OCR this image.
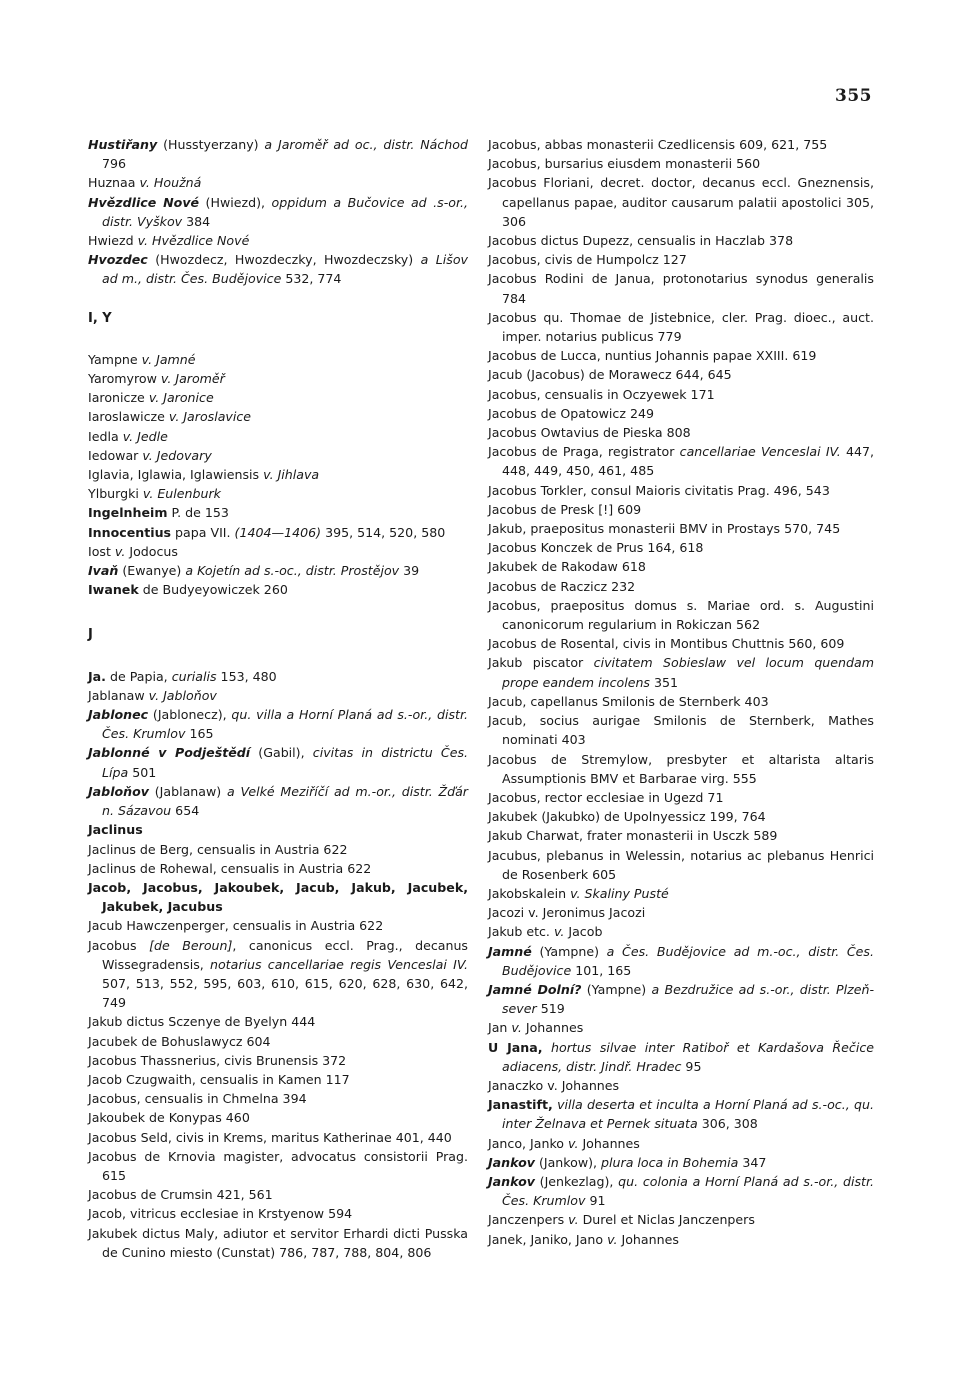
355
Hustiřany (Husstyerzany) a Jaroměř ad oc., distr. Náchod 796
Huznaa v. Houžná
Hvězdlice Nové (Hwiezd), oppidum a Bučovice ad .s-or., distr. Vyškov 384
Hwiezd v. Hvězdlice Nové
Hvozdec (Hwozdecz, Hwozdeczky, Hwozdeczsky) a Lišov ad m., distr. Čes. Budějovice 532, 774
I, Y
Yampne v. Jamné
Yaromyrow v. Jaroměř
Iaronicze v. Jaronice
Iaroslawicze v. Jaroslavice
Iedla v. Jedle
Iedowar v. Jedovary
Iglavia, Iglawia, Iglawiensis v. Jihlava
Ylburgki v. Eulenburk
Ingelnheim P. de 153
Innocentius papa VII. (1404—1406) 395, 514, 520, 580
Iost v. Jodocus
Ivaň (Ewanye) a Kojetín ad s.-oc., distr. Prostějov 39
Iwanek de Budyeyowiczek 260
J
Ja. de Papia, curialis 153, 480
Jablanaw v. Jabloňov
Jablonec (Jablonecz), qu. villa a Horní Planá ad s.-or., distr. Čes. Krumlov 165
Jablonné v Podještědí (Gabil), civitas in districtu Čes. Lípa 501
Jabloňov (Jablanaw) a Velké Meziříčí ad m.-or., distr. Žďár n. Sázavou 654
Jaclinus
Jaclinus de Berg, censualis in Austria 622
Jaclinus de Rohewal, censualis in Austria 622
Jacob, Jacobus, Jakoubek, Jacub, Jakub, Jacubek, Jakubek, Jacubus
Jacub Hawczenperger, censualis in Austria 622
Jacobus [de Beroun], canonicus eccl. Prag., decanus Wissegradensis, notarius cancellariae regis Venceslai IV. 507, 513, 552, 595, 603, 610, 615, 620, 628, 630, 642, 749
Jakub dictus Sczenye de Byelyn 444
Jacubek de Bohuslawycz 604
Jacobus Thassnerius, civis Brunensis 372
Jacob Czugwaith, censualis in Kamen 117
Jacobus, censualis in Chmelna 394
Jakoubek de Konypas 460
Jacobus Seld, civis in Krems, maritus Katherinae 401, 440
Jacobus de Krnovia magister, advocatus consistorii Prag. 615
Jacobus de Crumsin 421, 561
Jacob, vitricus ecclesiae in Krstyenow 594
Jakubek dictus Maly, adiutor et servitor Erhardi dicti Pusska de Cunino miesto (Cunstat) 786, 787, 788, 804, 806
Jacobus, abbas monasterii Czedlicensis 609, 621, 755
Jacobus, bursarius eiusdem monasterii 560
Jacobus Floriani, decret. doctor, decanus eccl. Gneznensis, capellanus papae, auditor causarum palatii apostolici 305, 306
Jacobus dictus Dupezz, censualis in Haczlab 378
Jacobus, civis de Humpolcz 127
Jacobus Rodini de Janua, protonotarius synodus generalis 784
Jacobus qu. Thomae de Jistebnice, cler. Prag. dioec., auct. imper. notarius publicus 779
Jacobus de Lucca, nuntius Johannis papae XXIII. 619
Jacub (Jacobus) de Morawecz 644, 645
Jacobus, censualis in Oczyewek 171
Jacobus de Opatowicz 249
Jacobus Owtavius de Pieska 808
Jacobus de Praga, registrator cancellariae Venceslai IV. 447, 448, 449, 450, 461, 485
Jacobus Torkler, consul Maioris civitatis Prag. 496, 543
Jacobus de Presk [!] 609
Jakub, praepositus monasterii BMV in Prostays 570, 745
Jacobus Konczek de Prus 164, 618
Jakubek de Rakodaw 618
Jacobus de Raczicz 232
Jacobus, praepositus domus s. Mariae ord. s. Augustini canonicorum regularium in Rokiczan 562
Jacobus de Rosental, civis in Montibus Chuttnis 560, 609
Jakub piscator civitatem Sobieslaw vel locum quendam prope eandem incolens 351
Jacub, capellanus Smilonis de Sternberk 403
Jacub, socius aurigae Smilonis de Sternberk, Mathes nominati 403
Jacobus de Stremylow, presbyter et altarista altaris Assumptionis BMV et Barbarae virg. 555
Jacobus, rector ecclesiae in Ugezd 71
Jakubek (Jakubko) de Upolnyessicz 199, 764
Jakub Charwat, frater monasterii in Usczk 589
Jacubus, plebanus in Welessin, notarius ac plebanus Henrici de Rosenberk 605
Jakobskalein v. Skaliny Pusté
Jacozi v. Jeronimus Jacozi
Jakub etc. v. Jacob
Jamné (Yampne) a Čes. Budějovice ad m.-oc., distr. Čes. Budějovice 101, 165
Jamné Dolní? (Yampne) a Bezdružice ad s.-or., distr. Plzeň-sever 519
Jan v. Johannes
U Jana, hortus silvae inter Ratiboř et Kardašova Řečice adiacens, distr. Jindř. Hradec 95
Janaczko v. Johannes
Janastift, villa deserta et inculta a Horní Planá ad s.-oc., qu. inter Želnava et Pernek situata 306, 308
Janco, Janko v. Johannes
Jankov (Jankow), plura loca in Bohemia 347
Jankov (Jenkezlag), qu. colonia a Horní Planá ad s.-or., distr. Čes. Krumlov 91
Janczenpers v. Durel et Niclas Janczenpers
Janek, Janiko, Jano v. Johannes
